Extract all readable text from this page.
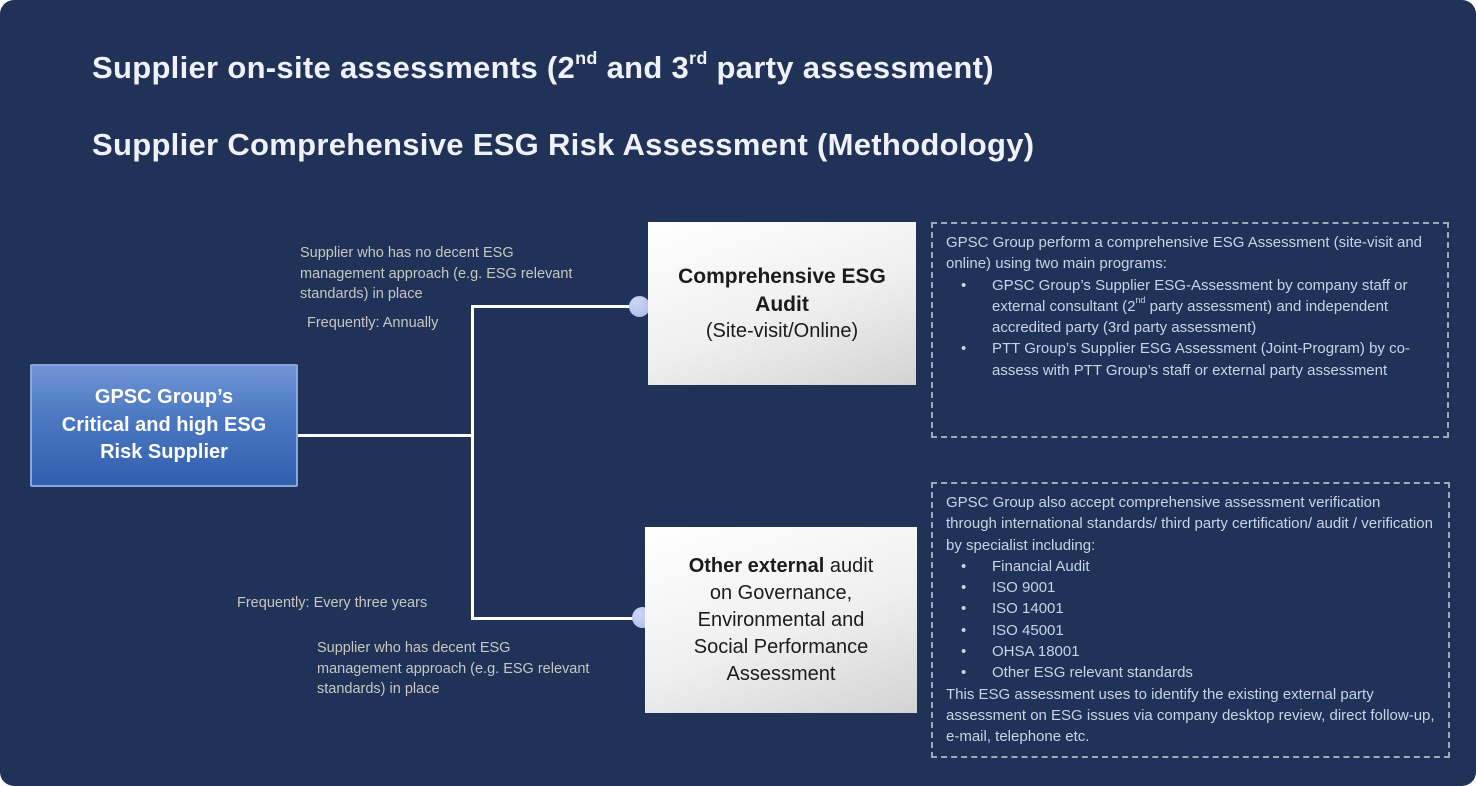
Supplier on-site assessments (2nd and 3rd party assessment)
Supplier Comprehensive ESG Risk Assessment (Methodology)
GPSC Group’s
Critical and high ESG
Risk Supplier
Supplier who has no decent ESG
management approach (e.g. ESG relevant
standards) in place
Frequently: Annually
Frequently: Every three years
Supplier who has decent ESG
management approach (e.g. ESG relevant
standards) in place
Comprehensive ESG
Audit
(Site-visit/Online)
Other external audit
on Governance,
Environmental and
Social Performance
Assessment
GPSC Group perform a comprehensive ESG Assessment (site-visit and online) using two main programs:
• GPSC Group’s Supplier ESG-Assessment by company staff or external consultant (2nd party assessment) and independent accredited party (3rd party assessment)
• PTT Group’s Supplier ESG Assessment (Joint-Program) by co-assess with PTT Group’s staff or external party assessment
GPSC Group also accept comprehensive assessment verification through international standards/ third party certification/ audit / verification by specialist including:
• Financial Audit
• ISO 9001
• ISO 14001
• ISO 45001
• OHSA 18001
• Other ESG relevant standards
This ESG assessment uses to identify the existing external party assessment on ESG issues via company desktop review, direct follow-up, e-mail, telephone etc.
